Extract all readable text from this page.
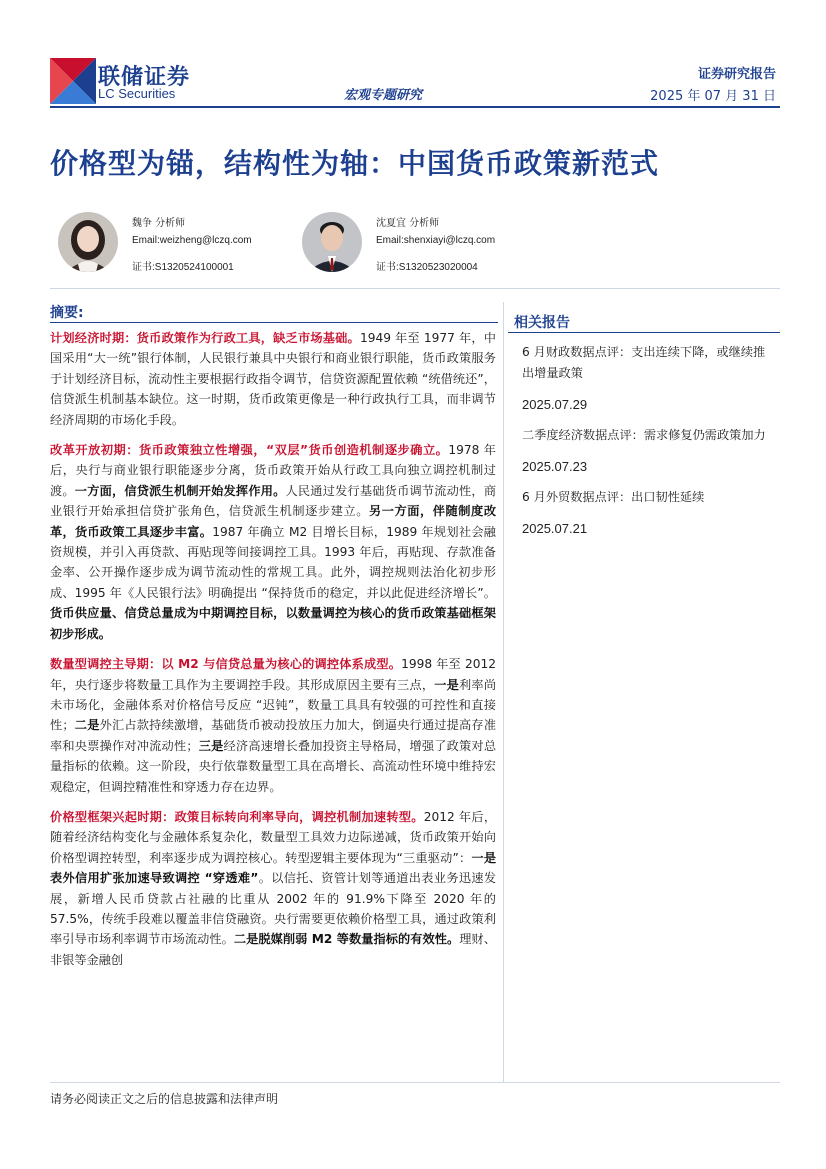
联储证券
LC Securities	宏观专题研究
证券研究报告
2025 年 07 月 31 日
价格型为锚，结构性为轴：中国货币政策新范式
魏争 分析师
Email:weizheng@lczq.com
证书:S1320524100001
沈夏宜 分析师
Email:shenxiayi@lczq.com
证书:S1320523020004
摘要:

计划经济时期：货币政策作为行政工具，缺乏市场基础。1949 年至 1977 年，中国采用“大一统”银行体制，人民银行兼具中央银行和商业银行职能，货币政策服务于计划经济目标，流动性主要根据行政指令调节，信贷资源配置依赖 “统借统还”，信贷派生机制基本缺位。这一时期，货币政策更像是一种行政执行工具，而非调节经济周期的市场化手段。

改革开放初期：货币政策独立性增强，“双层”货币创造机制逐步确立。1978 年后，央行与商业银行职能逐步分离，货币政策开始从行政工具向独立调控机制过渡。一方面，信贷派生机制开始发挥作用。人民通过发行基础货币调节流动性，商业银行开始承担信贷扩张角色，信贷派生机制逐步建立。另一方面，伴随制度改革，货币政策工具逐步丰富。1987 年确立 M2 目增长目标，1989 年规划社会融资规模，并引入再贷款、再贴现等间接调控工具。1993 年后，再贴现、存款准备金率、公开操作逐步成为调节流动性的常规工具。此外，调控规则法治化初步形成、1995 年《人民银行法》明确提出 “保持货币的稳定，并以此促进经济增长”。货币供应量、信贷总量成为中期调控目标，以数量调控为核心的货币政策基础框架初步形成。

数量型调控主导期：以 M2 与信贷总量为核心的调控体系成型。1998 年至 2012 年，央行逐步将数量工具作为主要调控手段。其形成原因主要有三点，一是利率尚未市场化，金融体系对价格信号反应 “迟钝”，数量工具具有较强的可控性和直接性；二是外汇占款持续激增，基础货币被动投放压力加大，倒逼央行通过提高存准率和央票操作对冲流动性；三是经济高速增长叠加投资主导格局，增强了政策对总量指标的依赖。这一阶段，央行依靠数量型工具在高增长、高流动性环境中维持宏观稳定，但调控精准性和穿透力存在边界。

价格型框架兴起时期：政策目标转向利率导向，调控机制加速转型。2012 年后，随着经济结构变化与金融体系复杂化，数量型工具效力边际递减，货币政策开始向价格型调控转型，利率逐步成为调控核心。转型逻辑主要体现为“三重驱动”：一是表外信用扩张加速导致调控 “穿透难”。以信托、资管计划等通道出表业务迅速发展，新增人民币贷款占社融的比重从 2002 年的 91.9%下降至 2020 年的 57.5%，传统手段难以覆盖非信贷融资。央行需要更依赖价格型工具，通过政策利率引导市场利率调节市场流动性。二是脱媒削弱 M2 等数量指标的有效性。理财、非银等金融创

相关报告
6 月财政数据点评：支出连续下降，或继续推出增量政策
2025.07.29
二季度经济数据点评：需求修复仍需政策加力
2025.07.23
6 月外贸数据点评：出口韧性延续
2025.07.21
请务必阅读正文之后的信息披露和法律声明
